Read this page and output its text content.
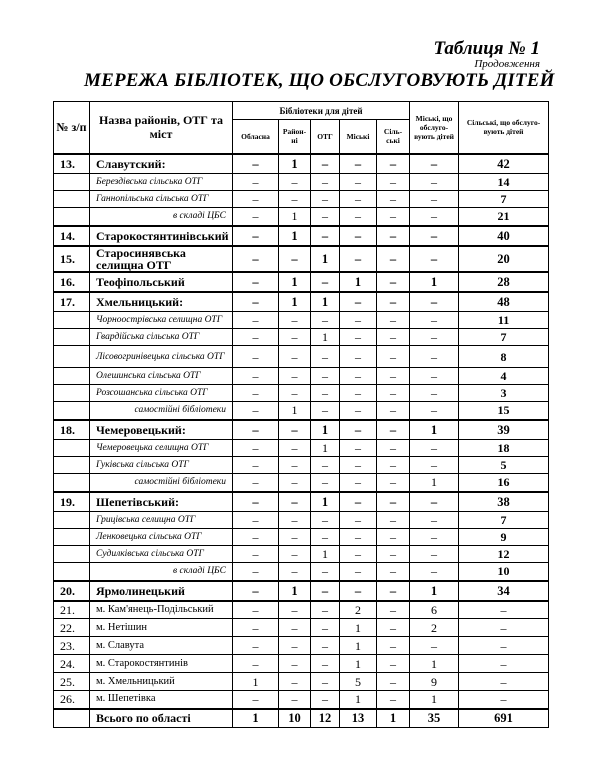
Таблиця № 1
Продовження
МЕРЕЖА БІБЛІОТЕК, ЩО ОБСЛУГОВУЮТЬ ДІТЕЙ
№ з/п	Назва районів, ОТГ та міст	Бібліотеки для дітей					Міські, що обслуго-вують дітей	Сільські, що обслуго-вують дітей
		Обласна	Район-ні	ОТГ	Міські	Сіль-ські		
13.	Славутский:	–	1	–	–	–	–	42
	Берездівська сільська ОТГ	–	–	–	–	–	–	14
	Ганнопільська сільська ОТГ	–	–	–	–	–	–	7
	в складі ЦБС	–	1	–	–	–	–	21
14.	Старокостянтинівський	–	1	–	–	–	–	40
15.	Старосинявська селищна ОТГ	–	–	1	–	–	–	20
16.	Теофіпольський	–	1	–	1	–	1	28
17.	Хмельницький:	–	1	1	–	–	–	48
	Чорноострівська селищна ОТГ	–	–	–	–	–	–	11
	Гвардійська сільська ОТГ	–	–	1	–	–	–	7
	Лісовогринівецька сільська ОТГ	–	–	–	–	–	–	8
	Олешинська сільська ОТГ	–	–	–	–	–	–	4
	Розсошанська сільська ОТГ	–	–	–	–	–	–	3
	самостійні бібліотеки	–	1	–	–	–	–	15
18.	Чемеровецький:	–	–	1	–	–	1	39
	Чемеровецька селищна ОТГ	–	–	1	–	–	–	18
	Гуківська сільська ОТГ	–	–	–	–	–	–	5
	самостійні бібліотеки	–	–	–	–	–	1	16
19.	Шепетівський:	–	–	1	–	–	–	38
	Грицівська селищна ОТГ	–	–	–	–	–	–	7
	Ленковецька сільська ОТГ	–	–	–	–	–	–	9
	Судилківська сільська ОТГ	–	–	1	–	–	–	12
	в складі ЦБС	–	–	–	–	–	–	10
20.	Ярмолинецький	–	1	–	–	–	1	34
21.	м. Кам'янець-Подільський	–	–	–	2	–	6	–
22.	м. Нетішин	–	–	–	1	–	2	–
23.	м. Славута	–	–	–	1	–	–	–
24.	м. Старокостянтинів	–	–	–	1	–	1	–
25.	м. Хмельницький	1	–	–	5	–	9	–
26.	м. Шепетівка	–	–	–	1	–	1	–
	Всього по області	1	10	12	13	1	35	691
